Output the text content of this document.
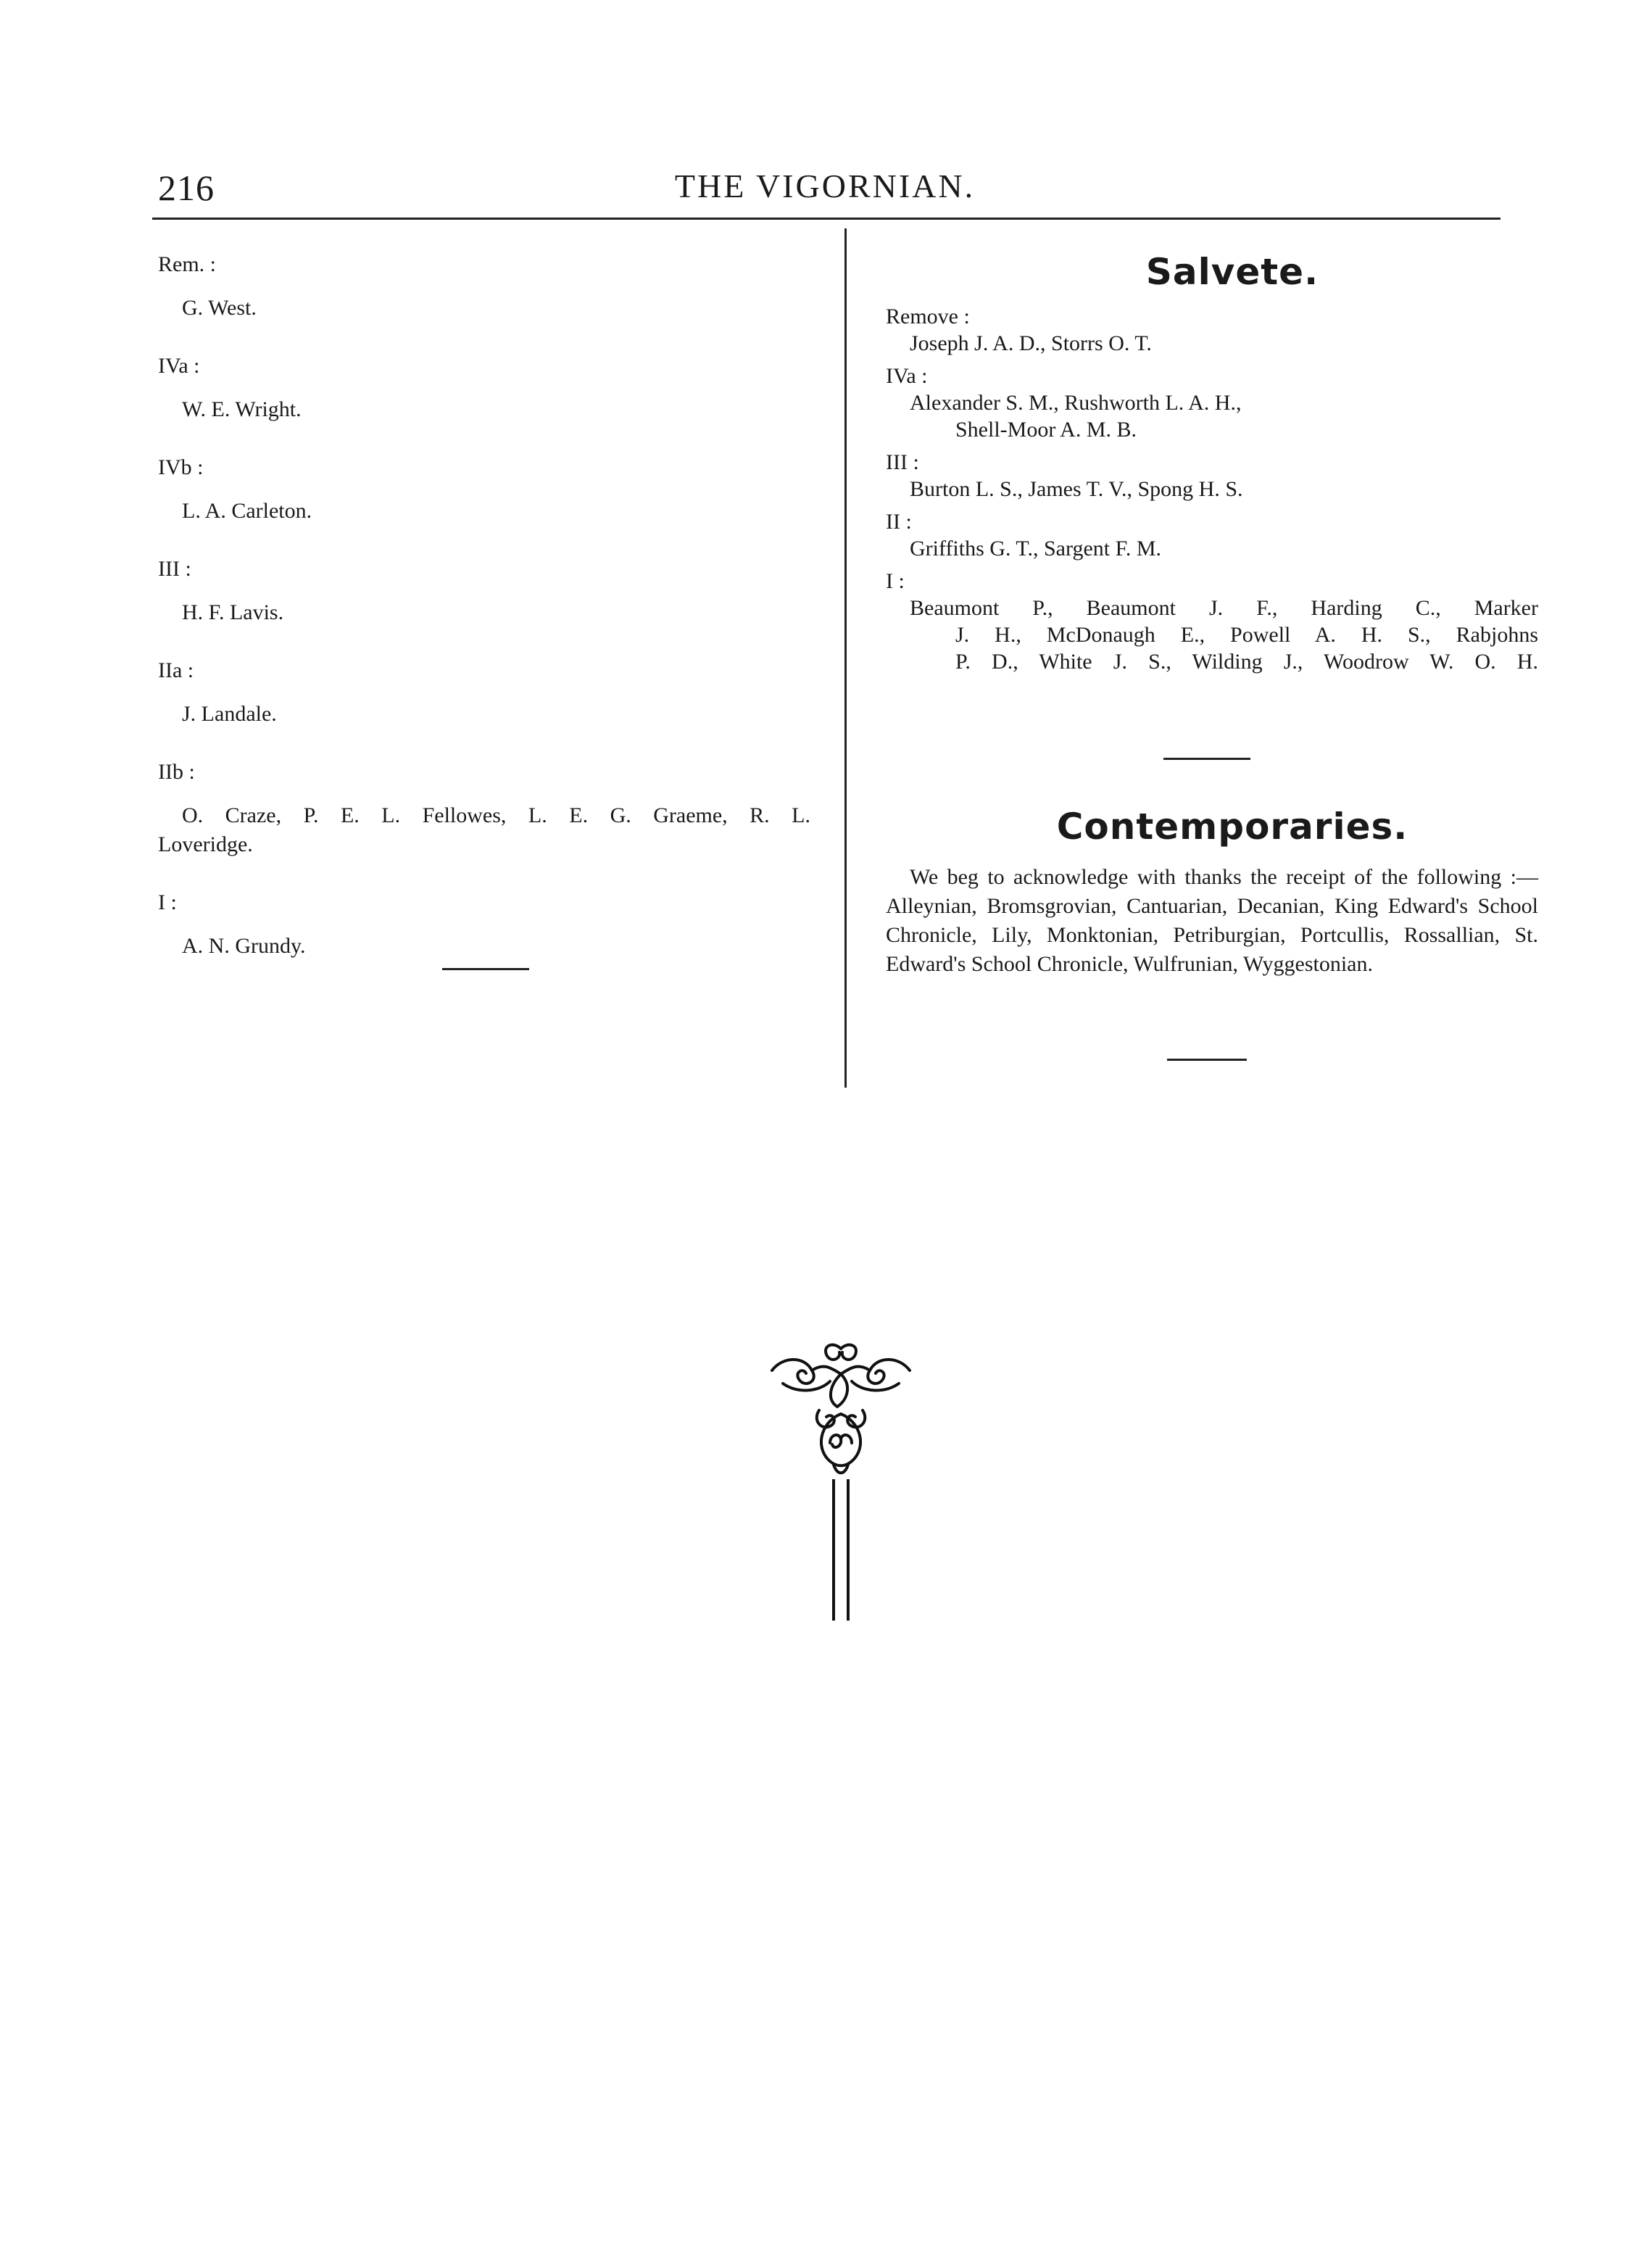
216	THE VIGORNIAN.
Rem. :
G. West.
IVa :
W. E. Wright.
IVb :
L. A. Carleton.
III :
H. F. Lavis.
IIa :
J. Landale.
IIb :
O. Craze, P. E. L. Fellowes, L. E. G. Graeme, R. L.
Loveridge.
I :
A. N. Grundy.
Salvete.
Remove :
Joseph J. A. D., Storrs O. T.
IVa :
Alexander S. M., Rushworth L. A. H.,
Shell-Moor A. M. B.
III :
Burton L. S., James T. V., Spong H. S.
II :
Griffiths G. T., Sargent F. M.
I :
Beaumont P., Beaumont J. F., Harding C., Marker
J. H., McDonaugh E., Powell A. H. S., Rabjohns
P. D., White J. S., Wilding J., Woodrow W. O. H.
Contemporaries.
We beg to acknowledge with thanks the receipt of the following :—Alleynian, Bromsgrovian, Cantuarian, Decanian, King Edward's School Chronicle, Lily, Monktonian, Petriburgian, Portcullis, Rossallian, St. Edward's School Chronicle, Wulfrunian, Wyggestonian.
